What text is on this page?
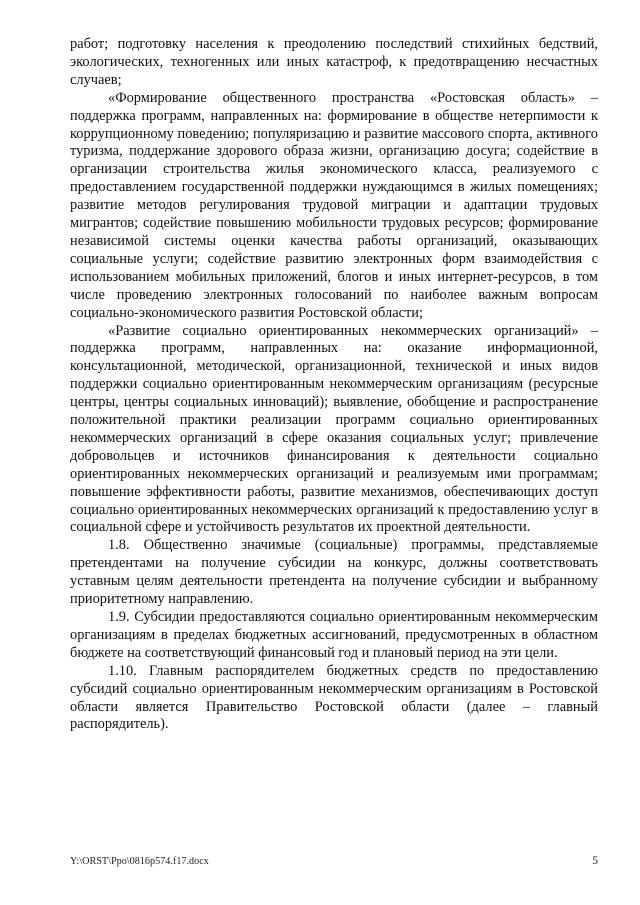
работ; подготовку населения к преодолению последствий стихийных бедствий, экологических, техногенных или иных катастроф, к предотвращению несчастных случаев;

«Формирование общественного пространства «Ростовская область» – поддержка программ, направленных на: формирование в обществе нетерпимости к коррупционному поведению; популяризацию и развитие массового спорта, активного туризма, поддержание здорового образа жизни, организацию досуга; содействие в организации строительства жилья экономического класса, реализуемого с предоставлением государственной поддержки нуждающимся в жилых помещениях; развитие методов регулирования трудовой миграции и адаптации трудовых мигрантов; содействие повышению мобильности трудовых ресурсов; формирование независимой системы оценки качества работы организаций, оказывающих социальные услуги; содействие развитию электронных форм взаимодействия с использованием мобильных приложений, блогов и иных интернет-ресурсов, в том числе проведению электронных голосований по наиболее важным вопросам социально-экономического развития Ростовской области;

«Развитие социально ориентированных некоммерческих организаций» – поддержка программ, направленных на: оказание информационной, консультационной, методической, организационной, технической и иных видов поддержки социально ориентированным некоммерческим организациям (ресурсные центры, центры социальных инноваций); выявление, обобщение и распространение положительной практики реализации программ социально ориентированных некоммерческих организаций в сфере оказания социальных услуг; привлечение добровольцев и источников финансирования к деятельности социально ориентированных некоммерческих организаций и реализуемым ими программам; повышение эффективности работы, развитие механизмов, обеспечивающих доступ социально ориентированных некоммерческих организаций к предоставлению услуг в социальной сфере и устойчивость результатов их проектной деятельности.

1.8. Общественно значимые (социальные) программы, представляемые претендентами на получение субсидии на конкурс, должны соответствовать уставным целям деятельности претендента на получение субсидии и выбранному приоритетному направлению.

1.9. Субсидии предоставляются социально ориентированным некоммерческим организациям в пределах бюджетных ассигнований, предусмотренных в областном бюджете на соответствующий финансовый год и плановый период на эти цели.

1.10. Главным распорядителем бюджетных средств по предоставлению субсидий социально ориентированным некоммерческим организациям в Ростовской области является Правительство Ростовской области (далее – главный распорядитель).

Y:\ORST\Ppo\0816p574.f17.docx	5
